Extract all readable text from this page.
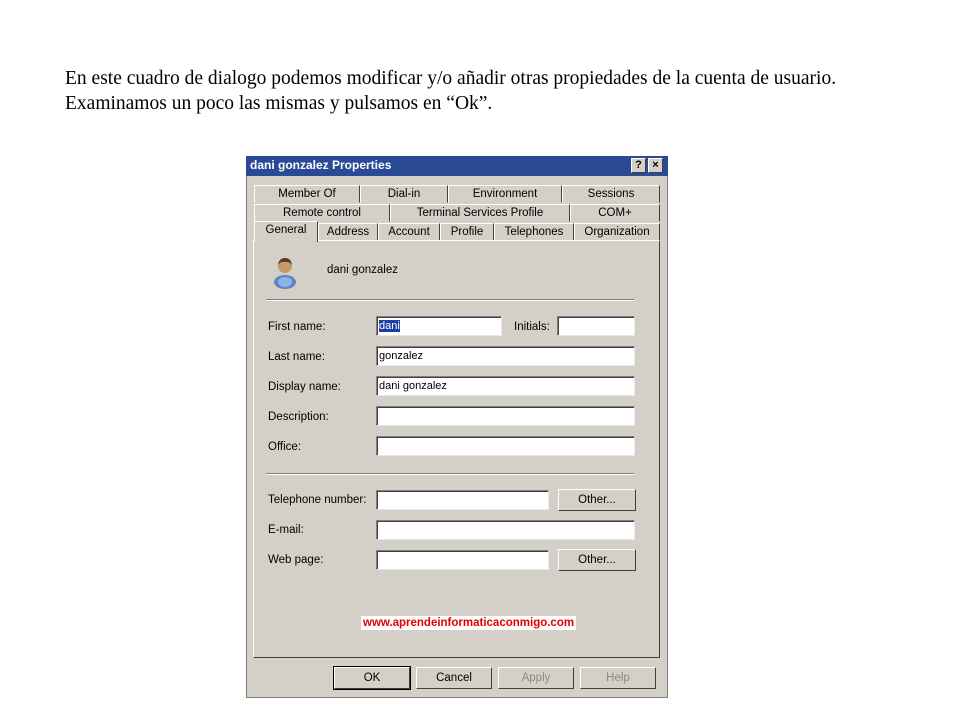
En este cuadro de dialogo podemos modificar y/o añadir otras propiedades de la cuenta de usuario.

Examinamos un poco las mismas y pulsamos en “Ok”.

dani gonzalez Properties	? ×
Member Of	Dial-in	Environment	Sessions
Remote control	Terminal Services Profile	COM+
General	Address	Account	Profile	Telephones	Organization
dani gonzalez
First name:	dani	Initials:
Last name:	gonzalez
Display name:	dani gonzalez
Description:
Office:
Telephone number:	Other...
E-mail:
Web page:	Other...
www.aprendeinformaticaconmigo.com
OK	Cancel	Apply	Help
